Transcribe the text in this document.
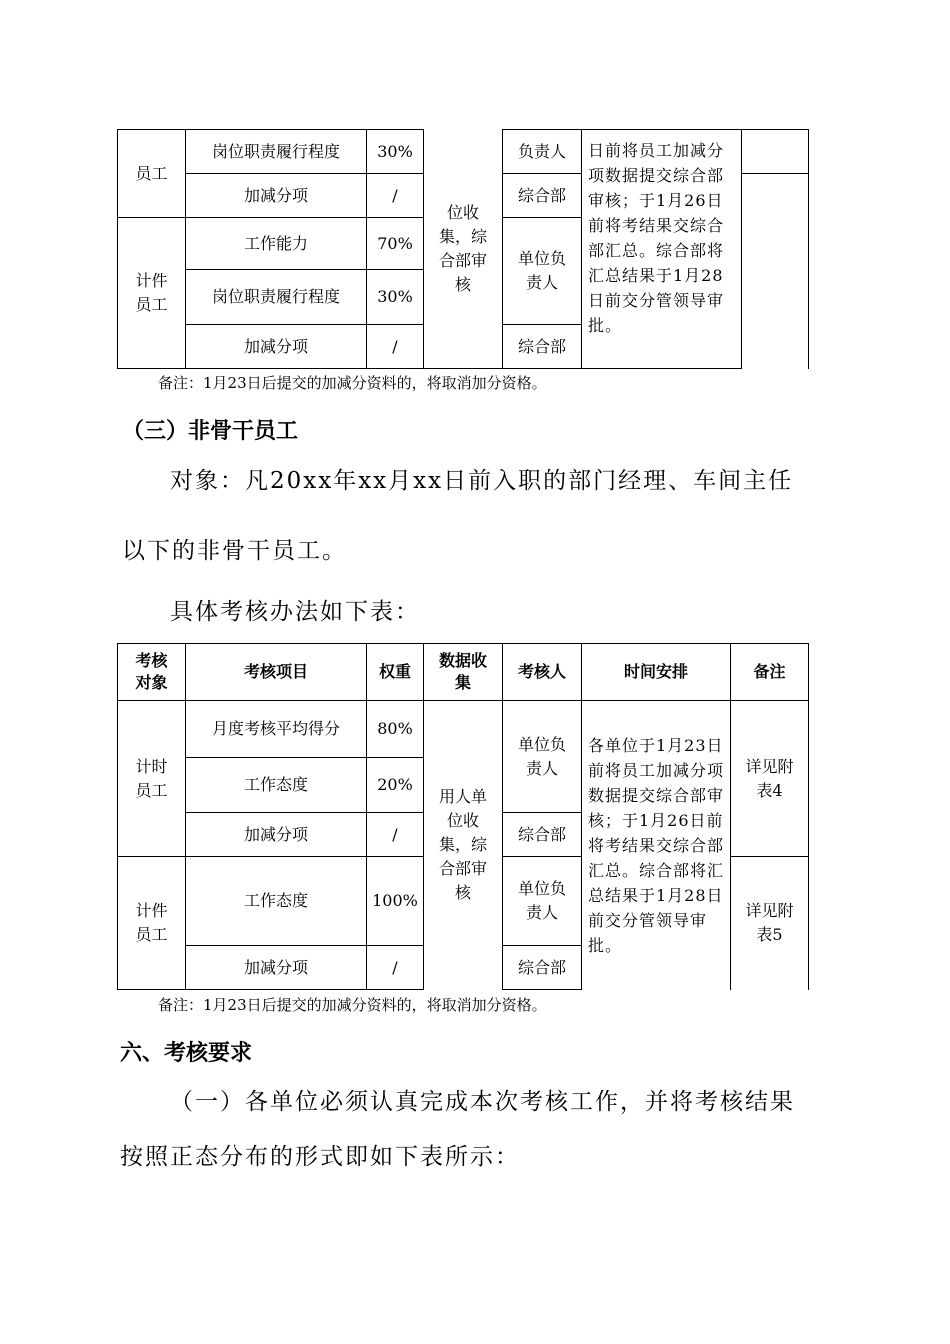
员工	岗位职责履行程度	30%	位收集，综合部审核	负责人	日前将员工加减分项数据提交综合部审核；于1月26日前将考结果交综合部汇总。综合部将汇总结果于1月28日前交分管领导审批。	
	加减分项	/		综合部		
计件员工	工作能力	70%		单位负责人		
	岗位职责履行程度	30%				
	加减分项	/		综合部		
备注：1月23日后提交的加减分资料的，将取消加分资格。
（三）非骨干员工
对象：凡20xx年xx月xx日前入职的部门经理、车间主任
以下的非骨干员工。
具体考核办法如下表：
考核对象	考核项目	权重	数据收集	考核人	时间安排	备注
计时员工	月度考核平均得分	80%	用人单位收集，综合部审核	单位负责人	各单位于1月23日前将员工加减分项数据提交综合部审核；于1月26日前将考结果交综合部汇总。综合部将汇总结果于1月28日前交分管领导审批。	详见附表4
	工作态度	20%				
	加减分项	/		综合部		
计件员工	工作态度	100%		单位负责人		详见附表5
	加减分项	/		综合部		
备注：1月23日后提交的加减分资料的，将取消加分资格。
六、考核要求
（一）各单位必须认真完成本次考核工作，并将考核结果
按照正态分布的形式即如下表所示：
